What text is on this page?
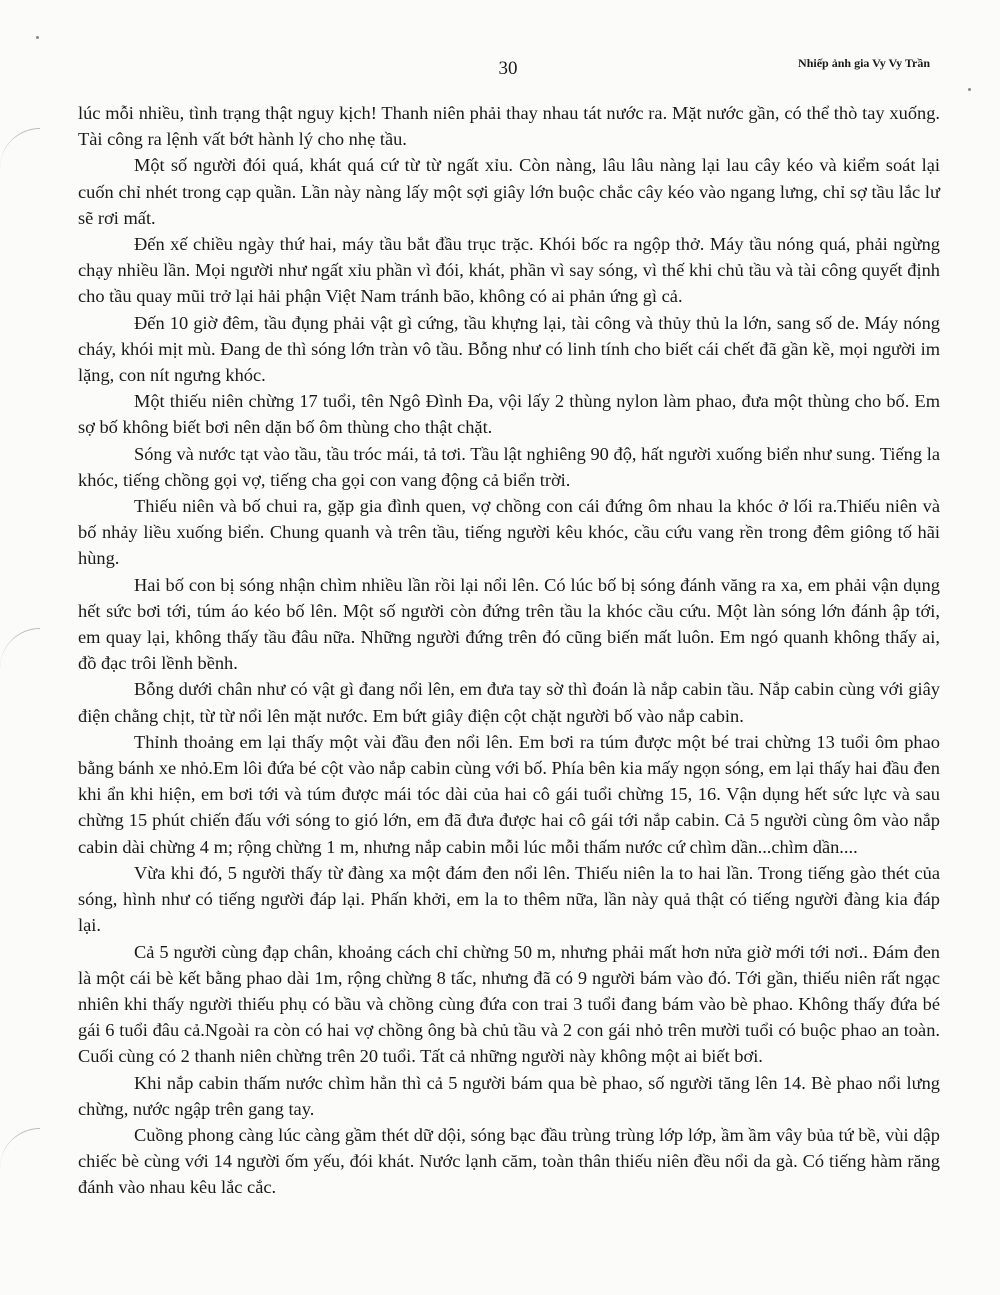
30	Nhiếp ảnh gia Vy Vy Trần

lúc mỗi nhiều, tình trạng thật nguy kịch! Thanh niên phải thay nhau tát nước ra. Mặt nước gần, có thể thò tay xuống. Tài công ra lệnh vất bớt hành lý cho nhẹ tầu.

Một số người đói quá, khát quá cứ từ từ ngất xỉu. Còn nàng, lâu lâu nàng lại lau cây kéo và kiểm soát lại cuốn chỉ nhét trong cạp quần. Lần này nàng lấy một sợi giây lớn buộc chắc cây kéo vào ngang lưng, chỉ sợ tầu lắc lư sẽ rơi mất.

Đến xế chiều ngày thứ hai, máy tầu bắt đầu trục trặc. Khói bốc ra ngộp thở. Máy tầu nóng quá, phải ngừng chạy nhiều lần. Mọi người như ngất xỉu phần vì đói, khát, phần vì say sóng, vì thế khi chủ tầu và tài công quyết định cho tầu quay mũi trở lại hải phận Việt Nam tránh bão, không có ai phản ứng gì cả.

Đến 10 giờ đêm, tầu đụng phải vật gì cứng, tầu khựng lại, tài công và thủy thủ la lớn, sang số de. Máy nóng cháy, khói mịt mù. Đang de thì sóng lớn tràn vô tầu. Bỗng như có linh tính cho biết cái chết đã gần kề, mọi người im lặng, con nít ngưng khóc.

Một thiếu niên chừng 17 tuổi, tên Ngô Đình Đa, vội lấy 2 thùng nylon làm phao, đưa một thùng cho bố. Em sợ bố không biết bơi nên dặn bố ôm thùng cho thật chặt.

Sóng và nước tạt vào tầu, tầu tróc mái, tả tơi. Tầu lật nghiêng 90 độ, hất người xuống biển như sung. Tiếng la khóc, tiếng chồng gọi vợ, tiếng cha gọi con vang động cả biển trời.

Thiếu niên và bố chui ra, gặp gia đình quen, vợ chồng con cái đứng ôm nhau la khóc ở lối ra.Thiếu niên và bố nhảy liều xuống biển. Chung quanh và trên tầu, tiếng người kêu khóc, cầu cứu vang rền trong đêm giông tố hãi hùng.

Hai bố con bị sóng nhận chìm nhiều lần rồi lại nổi lên. Có lúc bố bị sóng đánh văng ra xa, em phải vận dụng hết sức bơi tới, túm áo kéo bố lên. Một số người còn đứng trên tầu la khóc cầu cứu. Một làn sóng lớn đánh ập tới, em quay lại, không thấy tầu đâu nữa. Những người đứng trên đó cũng biến mất luôn. Em ngó quanh không thấy ai, đồ đạc trôi lềnh bềnh.

Bỗng dưới chân như có vật gì đang nổi lên, em đưa tay sờ thì đoán là nắp cabin tầu. Nắp cabin cùng với giây điện chằng chịt, từ từ nổi lên mặt nước. Em bứt giây điện cột chặt người bố vào nắp cabin.

Thỉnh thoảng em lại thấy một vài đầu đen nổi lên. Em bơi ra túm được một bé trai chừng 13 tuổi ôm phao bằng bánh xe nhỏ.Em lôi đứa bé cột vào nắp cabin cùng với bố. Phía bên kia mấy ngọn sóng, em lại thấy hai đầu đen khi ẩn khi hiện, em bơi tới và túm được mái tóc dài của hai cô gái tuổi chừng 15, 16. Vận dụng hết sức lực và sau chừng 15 phút chiến đấu với sóng to gió lớn, em đã đưa được hai cô gái tới nắp cabin. Cả 5 người cùng ôm vào nắp cabin dài chừng 4 m; rộng chừng 1 m, nhưng nắp cabin mỗi lúc mỗi thấm nước cứ chìm dần...chìm dần....

Vừa khi đó, 5 người thấy từ đàng xa một đám đen nổi lên. Thiếu niên la to hai lần. Trong tiếng gào thét của sóng, hình như có tiếng người đáp lại. Phấn khởi, em la to thêm nữa, lần này quả thật có tiếng người đàng kia đáp lại.

Cả 5 người cùng đạp chân, khoảng cách chỉ chừng 50 m, nhưng phải mất hơn nửa giờ mới tới nơi.. Đám đen là một cái bè kết bằng phao dài 1m, rộng chừng 8 tấc, nhưng đã có 9 người bám vào đó. Tới gần, thiếu niên rất ngạc nhiên khi thấy người thiếu phụ có bầu và chồng cùng đứa con trai 3 tuổi đang bám vào bè phao. Không thấy đứa bé gái 6 tuổi đâu cả.Ngoài ra còn có hai vợ chồng ông bà chủ tầu và 2 con gái nhỏ trên mười tuổi có buộc phao an toàn. Cuối cùng có 2 thanh niên chừng trên 20 tuổi. Tất cả những người này không một ai biết bơi.

Khi nắp cabin thấm nước chìm hẳn thì cả 5 người bám qua bè phao, số người tăng lên 14. Bè phao nổi lưng chừng, nước ngập trên gang tay.

Cuồng phong càng lúc càng gầm thét dữ dội, sóng bạc đầu trùng trùng lớp lớp, ầm ầm vây bủa tứ bề, vùi dập chiếc bè cùng với 14 người ốm yếu, đói khát. Nước lạnh căm, toàn thân thiếu niên đều nổi da gà. Có tiếng hàm răng đánh vào nhau kêu lắc cắc.
